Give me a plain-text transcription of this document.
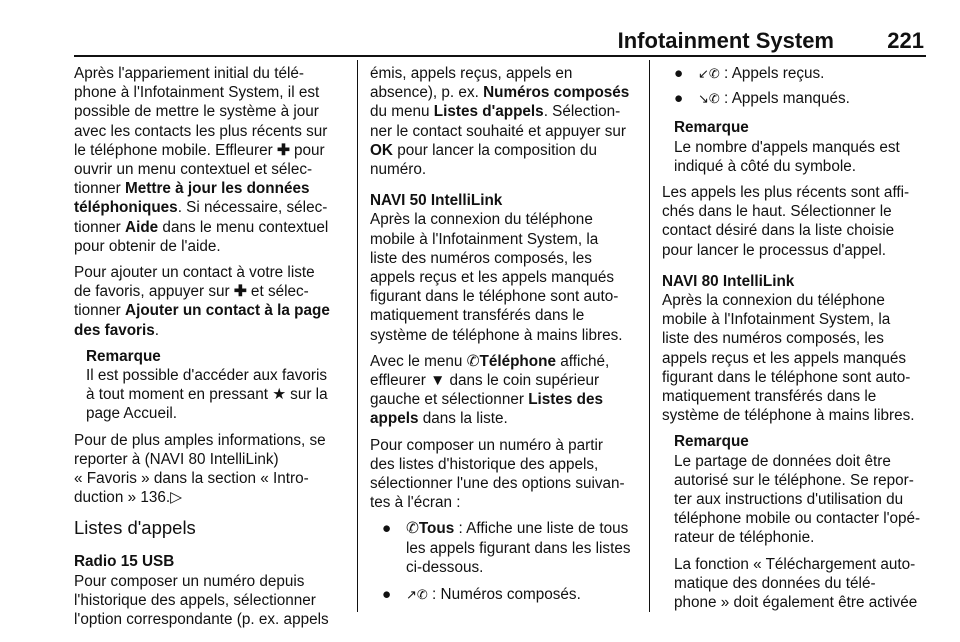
Infotainment System 221

Après l'appariement initial du télé-
phone à l'Infotainment System, il est
possible de mettre le système à jour
avec les contacts les plus récents sur
le téléphone mobile. Effleurer ✚ pour
ouvrir un menu contextuel et sélec-
tionner Mettre à jour les données
téléphoniques. Si nécessaire, sélec-
tionner Aide dans le menu contextuel
pour obtenir de l'aide.

Pour ajouter un contact à votre liste
de favoris, appuyer sur ✚ et sélec-
tionner Ajouter un contact à la page
des favoris.

Remarque
Il est possible d'accéder aux favoris
à tout moment en pressant ★ sur la
page Accueil.

Pour de plus amples informations, se
reporter à (NAVI 80 IntelliLink)
« Favoris » dans la section « Intro-
duction » 136.▷

Listes d'appels

Radio 15 USB
Pour composer un numéro depuis
l'historique des appels, sélectionner
l'option correspondante (p. ex. appels

émis, appels reçus, appels en
absence), p. ex. Numéros composés
du menu Listes d'appels. Sélection-
ner le contact souhaité et appuyer sur
OK pour lancer la composition du
numéro.

NAVI 50 IntelliLink
Après la connexion du téléphone
mobile à l'Infotainment System, la
liste des numéros composés, les
appels reçus et les appels manqués
figurant dans le téléphone sont auto-
matiquement transférés dans le
système de téléphone à mains libres.

Avec le menu ✆Téléphone affiché,
effleurer ▼ dans le coin supérieur
gauche et sélectionner Listes des
appels dans la liste.

Pour composer un numéro à partir
des listes d'historique des appels,
sélectionner l'une des options suivan-
tes à l'écran :

● ✆Tous : Affiche une liste de tous
les appels figurant dans les listes
ci-dessous.
● ↗✆ : Numéros composés.
● ↙✆ : Appels reçus.
● ↘✆ : Appels manqués.
Remarque
Le nombre d'appels manqués est
indiqué à côté du symbole.

Les appels les plus récents sont affi-
chés dans le haut. Sélectionner le
contact désiré dans la liste choisie
pour lancer le processus d'appel.

NAVI 80 IntelliLink
Après la connexion du téléphone
mobile à l'Infotainment System, la
liste des numéros composés, les
appels reçus et les appels manqués
figurant dans le téléphone sont auto-
matiquement transférés dans le
système de téléphone à mains libres.

Remarque
Le partage de données doit être
autorisé sur le téléphone. Se repor-
ter aux instructions d'utilisation du
téléphone mobile ou contacter l'opé-
rateur de téléphonie.
La fonction « Téléchargement auto-
matique des données du télé-
phone » doit également être activée
